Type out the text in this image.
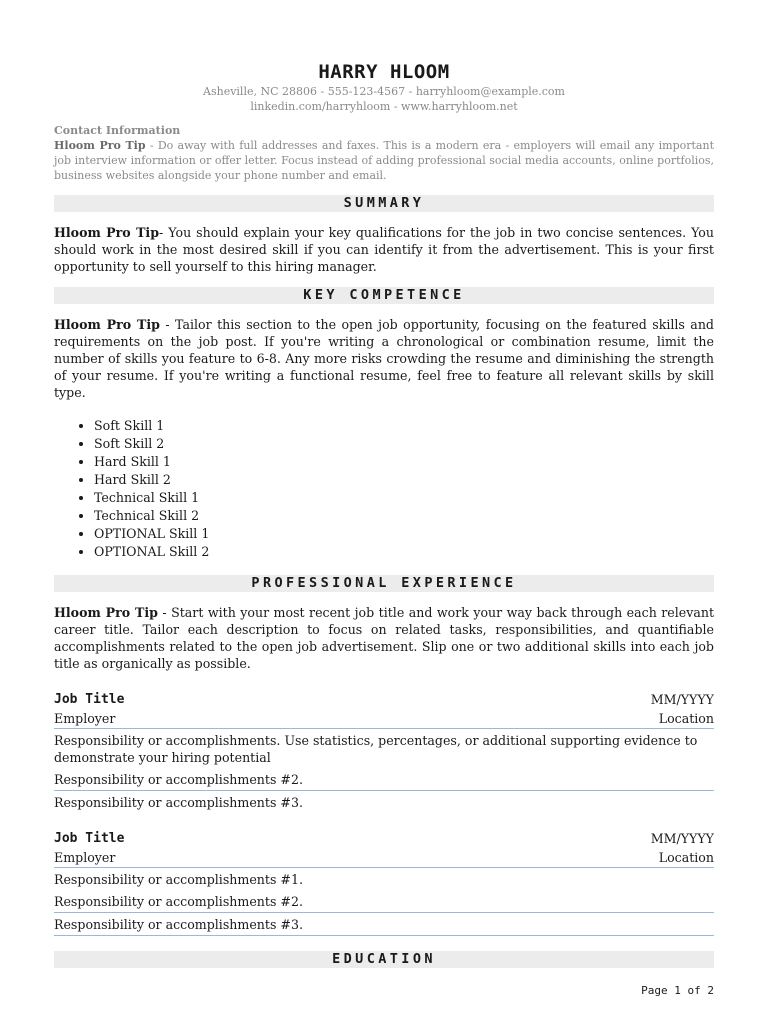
HARRY HLOOM
Asheville, NC 28806 - 555-123-4567 - harryhloom@example.com
linkedin.com/harryhloom - www.harryhloom.net
Contact Information
Hloom Pro Tip - Do away with full addresses and faxes. This is a modern era - employers will email any important job interview information or offer letter. Focus instead of adding professional social media accounts, online portfolios, business websites alongside your phone number and email.
SUMMARY
Hloom Pro Tip- You should explain your key qualifications for the job in two concise sentences. You should work in the most desired skill if you can identify it from the advertisement. This is your first opportunity to sell yourself to this hiring manager.
KEY COMPETENCE
Hloom Pro Tip - Tailor this section to the open job opportunity, focusing on the featured skills and requirements on the job post. If you're writing a chronological or combination resume, limit the number of skills you feature to 6-8. Any more risks crowding the resume and diminishing the strength of your resume. If you're writing a functional resume, feel free to feature all relevant skills by skill type.
• Soft Skill 1
• Soft Skill 2
• Hard Skill 1
• Hard Skill 2
• Technical Skill 1
• Technical Skill 2
• OPTIONAL Skill 1
• OPTIONAL Skill 2
PROFESSIONAL EXPERIENCE
Hloom Pro Tip - Start with your most recent job title and work your way back through each relevant career title. Tailor each description to focus on related tasks, responsibilities, and quantifiable accomplishments related to the open job advertisement. Slip one or two additional skills into each job title as organically as possible.
Job Title	MM/YYYY
Employer	Location
Responsibility or accomplishments. Use statistics, percentages, or additional supporting evidence to demonstrate your hiring potential
Responsibility or accomplishments #2.
Responsibility or accomplishments #3.
Job Title	MM/YYYY
Employer	Location
Responsibility or accomplishments #1.
Responsibility or accomplishments #2.
Responsibility or accomplishments #3.
EDUCATION
Page 1 of 2
